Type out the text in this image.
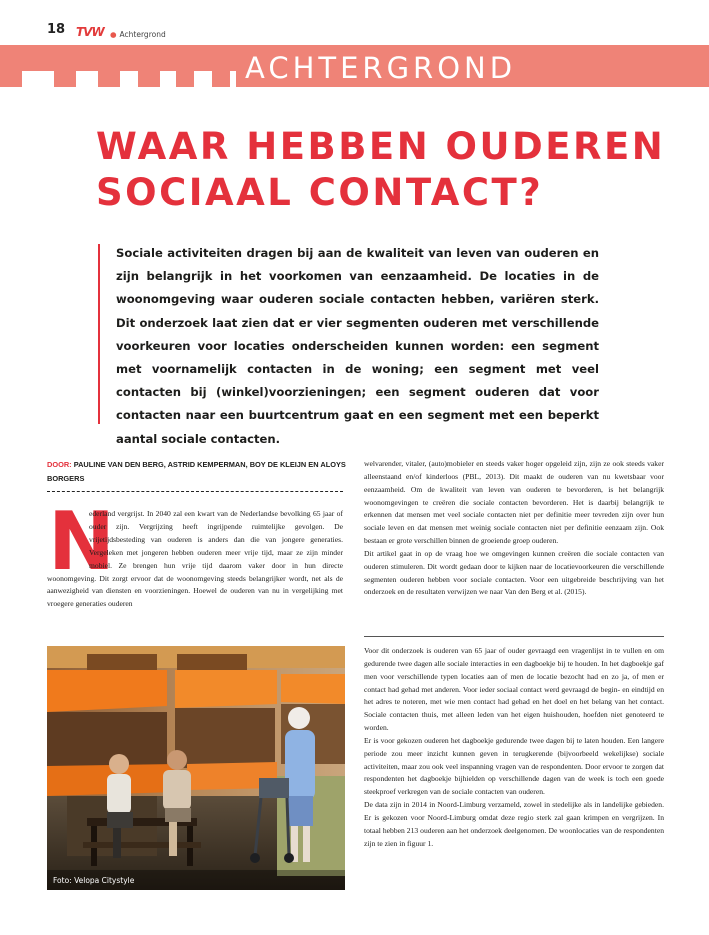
18 TVW ● Achtergrond
ACHTERGROND
WAAR HEBBEN OUDEREN
SOCIAAL CONTACT?

Sociale activiteiten dragen bij aan de kwaliteit van leven van ouderen en zijn belangrijk in het voorkomen van eenzaamheid. De locaties in de woonomgeving waar ouderen sociale contacten hebben, variëren sterk. Dit onderzoek laat zien dat er vier segmenten ouderen met verschillende voorkeuren voor locaties onderscheiden kunnen worden: een segment met voornamelijk contacten in de woning; een segment met veel contacten bij (winkel)voorzieningen; een segment ouderen dat voor contacten naar een buurtcentrum gaat en een segment met een beperkt aantal sociale contacten.

DOOR: PAULINE VAN DEN BERG, ASTRID KEMPERMAN, BOY DE KLEIJN EN ALOYS BORGERS
N

ederland vergrijst. In 2040 zal een kwart van de Nederlandse bevolking 65 jaar of ouder zijn. Vergrijzing heeft ingrijpende ruimtelijke gevolgen. De vrijetijdsbesteding van ouderen is anders dan die van jongere generaties. Vergeleken met jongeren hebben ouderen meer vrije tijd, maar ze zijn minder mobiel. Ze brengen hun vrije tijd daarom vaker door in hun directe woonomgeving. Dit zorgt ervoor dat de woonomgeving steeds belangrijker wordt, net als de aanwezigheid van diensten en voorzieningen. Hoewel de ouderen van nu in vergelijking met vroegere generaties ouderen

Foto: Velopa Citystyle

welvarender, vitaler, (auto)mobieler en steeds vaker hoger opgeleid zijn, zijn ze ook steeds vaker alleenstaand en/of kinderloos (PBL, 2013). Dit maakt de ouderen van nu kwetsbaar voor eenzaamheid. Om de kwaliteit van leven van ouderen te bevorderen, is het belangrijk woonomgevingen te creëren die sociale contacten bevorderen. Het is daarbij belangrijk te erkennen dat mensen met veel sociale contacten niet per definitie meer tevreden zijn over hun sociale leven en dat mensen met weinig sociale contacten niet per definitie eenzaam zijn. Ook bestaan er grote verschillen binnen de groeiende groep ouderen.

Dit artikel gaat in op de vraag hoe we omgevingen kunnen creëren die sociale contacten van ouderen stimuleren. Dit wordt gedaan door te kijken naar de locatievoorkeuren die verschillende segmenten ouderen hebben voor sociale contacten. Voor een uitgebreide beschrijving van het onderzoek en de resultaten verwijzen we naar Van den Berg et al. (2015).

Voor dit onderzoek is ouderen van 65 jaar of ouder gevraagd een vragenlijst in te vullen en om gedurende twee dagen alle sociale interacties in een dagboekje bij te houden. In het dagboekje gaf men voor verschillende typen locaties aan of men de locatie bezocht had en zo ja, of men er contact had gehad met anderen. Voor ieder sociaal contact werd gevraagd de begin- en eindtijd en het adres te noteren, met wie men contact had gehad en het doel en het belang van het contact. Sociale contacten thuis, met alleen leden van het eigen huishouden, hoefden niet genoteerd te worden.

Er is voor gekozen ouderen het dagboekje gedurende twee dagen bij te laten houden. Een langere periode zou meer inzicht kunnen geven in terugkerende (bijvoorbeeld wekelijkse) sociale activiteiten, maar zou ook veel inspanning vragen van de respondenten. Door ervoor te zorgen dat respondenten het dagboekje bijhielden op verschillende dagen van de week is toch een goede steekproef verkregen van de sociale contacten van ouderen.

De data zijn in 2014 in Noord-Limburg verzameld, zowel in stedelijke als in landelijke gebieden. Er is gekozen voor Noord-Limburg omdat deze regio sterk zal gaan krimpen en vergrijzen. In totaal hebben 213 ouderen aan het onderzoek deelgenomen. De woonlocaties van de respondenten zijn te zien in figuur 1.
